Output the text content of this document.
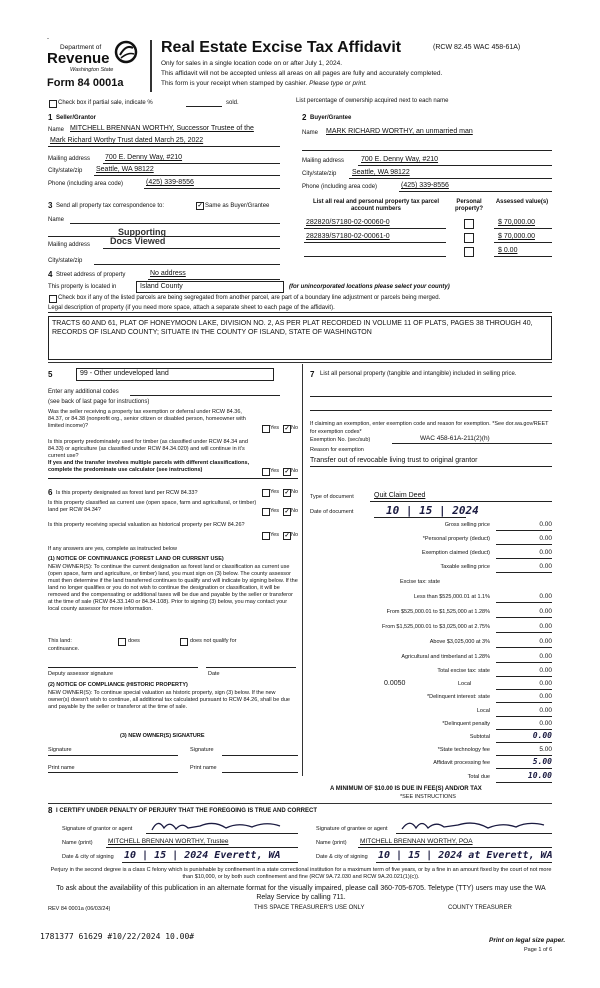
-
Department of
Revenue
Washington State
Form 84 0001a
Real Estate Excise Tax Affidavit	(RCW 82.45 WAC 458-61A)
Only for sales in a single location code on or after July 1, 2024.
This affidavit will not be accepted unless all areas on all pages are fully and accurately completed.
This form is your receipt when stamped by cashier. Please type or print.
Check box if partial sale, indicate %	sold.	List percentage of ownership acquired next to each name
1 Seller/Grantor
Name MITCHELL BRENNAN WORTHY, Successor Trustee of the
Mark Richard Worthy Trust dated March 25, 2022
Mailing address 700 E. Denny Way, #210
City/state/zip Seattle, WA 98122
Phone (including area code)	(425) 339-8556
2 Buyer/Grantee
Name MARK RICHARD WORTHY, an unmarried man
Mailing address 700 E. Denny Way, #210
City/state/zip Seattle, WA 98122
Phone (including area code)	(425) 339-8556
3 Send all property tax correspondence to:	✓ Same as Buyer/Grantee
Name
Supporting
Docs Viewed
Mailing address
City/state/zip
List all real and personal property tax parcel account numbers
Personal property?
Assessed value(s)
282820/S7180-02-00060-0	$ 70,000.00
282839/S7180-02-00061-0	$ 70,000.00
$ 0.00
4 Street address of property	No address
This property is located in	Island County	(for unincorporated locations please select your county)
Check box if any of the listed parcels are being segregated from another parcel, are part of a boundary line adjustment or parcels being merged.
Legal description of property (if you need more space, attach a separate sheet to each page of the affidavit).
TRACTS 60 AND 61, PLAT OF HONEYMOON LAKE, DIVISION NO. 2, AS PER PLAT RECORDED IN VOLUME 11 OF PLATS, PAGES 38 THROUGH 40, RECORDS OF ISLAND COUNTY; SITUATE IN THE COUNTY OF ISLAND, STATE OF WASHINGTON
5	99 - Other undeveloped land
Enter any additional codes
(see back of last page for instructions)
Was the seller receiving a property tax exemption or deferral under RCW 84.36, 84.37, or 84.38 (nonprofit org., senior citizen or disabled person, homeowner with limited income)?	Yes ✓ No
Is this property predominately used for timber (as classified under RCW 84.34 and 84.33) or agriculture (as classified under RCW 84.34.020) and will continue in it's current use?
If yes and the transfer involves multiple parcels with different classifications, complete the predominate use calculator (see instructions)	Yes ✓ No
6 Is this property designated as forest land per RCW 84.33?	Yes ✓ No
Is this property classified as current use (open space, farm and agricultural, or timber) land per RCW 84.34?	Yes ✓ No
Is this property receiving special valuation as historical property per RCW 84.26?
Yes ✓ No
If any answers are yes, complete as instructed below
(1) NOTICE OF CONTINUANCE (FOREST LAND OR CURRENT USE)
NEW OWNER(S): To continue the current designation as forest land or classification as current use (open space, farm and agriculture, or timber) land, you must sign on (3) below. The county assessor must then determine if the land transferred continues to qualify and will indicate by signing below. If the land no longer qualifies or you do not wish to continue the designation or classification, it will be removed and the compensating or additional taxes will be due and payable by the seller or transferor at the time of sale (RCW 84.33.140 or 84.34.108). Prior to signing (3) below, you may contact your local county assessor for more information.
This land:	does	does not qualify for
continuance.
Deputy assessor signature	Date
(2) NOTICE OF COMPLIANCE (HISTORIC PROPERTY)
NEW OWNER(S): To continue special valuation as historic property, sign (3) below. If the new owner(s) doesn't wish to continue, all additional tax calculated pursuant to RCW 84.26, shall be due and payable by the seller or transferor at the time of sale.
(3) NEW OWNER(S) SIGNATURE
Signature	Signature
Print name	Print name
7 List all personal property (tangible and intangible) included in selling price.
If claiming an exemption, enter exemption code and reason for exemption. *See dor.wa.gov/REET for exemption codes*
Exemption No. (sec/sub)	WAC 458-61A-211(2)(h)
Reason for exemption
Transfer out of revocable living trust to original grantor
Type of document	Quit Claim Deed
Date of document	10 | 15 | 2024
Gross selling price	0.00
*Personal property (deduct)	0.00
Exemption claimed (deduct)	0.00
Taxable selling price	0.00
Excise tax: state
Less than $525,000.01 at 1.1%	0.00
From $525,000.01 to $1,525,000 at 1.28%	0.00
From $1,525,000.01 to $3,025,000 at 2.75%	0.00
Above $3,025,000 at 3%	0.00
Agricultural and timberland at 1.28%	0.00
Total excise tax: state	0.00
0.0050	Local	0.00
*Delinquent interest: state	0.00
Local	0.00
*Delinquent penalty	0.00
Subtotal	0.00
*State technology fee	5.00
Affidavit processing fee	5.00
Total due	10.00
A MINIMUM OF $10.00 IS DUE IN FEE(S) AND/OR TAX
*SEE INSTRUCTIONS
8 I CERTIFY UNDER PENALTY OF PERJURY THAT THE FOREGOING IS TRUE AND CORRECT
Signature of grantor or agent
Name (print) MITCHELL BRENNAN WORTHY, Trustee
Date & city of signing 10 | 15 | 2024 Everett, WA
Signature of grantee or agent
Name (print) MITCHELL BRENNAN WORTHY, POA
Date & city of signing 10 | 15 | 2024 at Everett, WA
Perjury in the second degree is a class C felony which is punishable by confinement in a state correctional institution for a maximum term of five years, or by a fine in an amount fixed by the court of not more than $10,000, or by both such confinement and fine (RCW 9A.72.030 and RCW 9A.20.021(1)(c)).
To ask about the availability of this publication in an alternate format for the visually impaired, please call 360-705-6705. Teletype (TTY) users may use the WA Relay Service by calling 711.
REV 84 0001a (06/03/24)	THIS SPACE TREASURER'S USE ONLY	COUNTY TREASURER
1781377 61629 #10/22/2024 10.00#	Print on legal size paper.
Page 1 of 6
